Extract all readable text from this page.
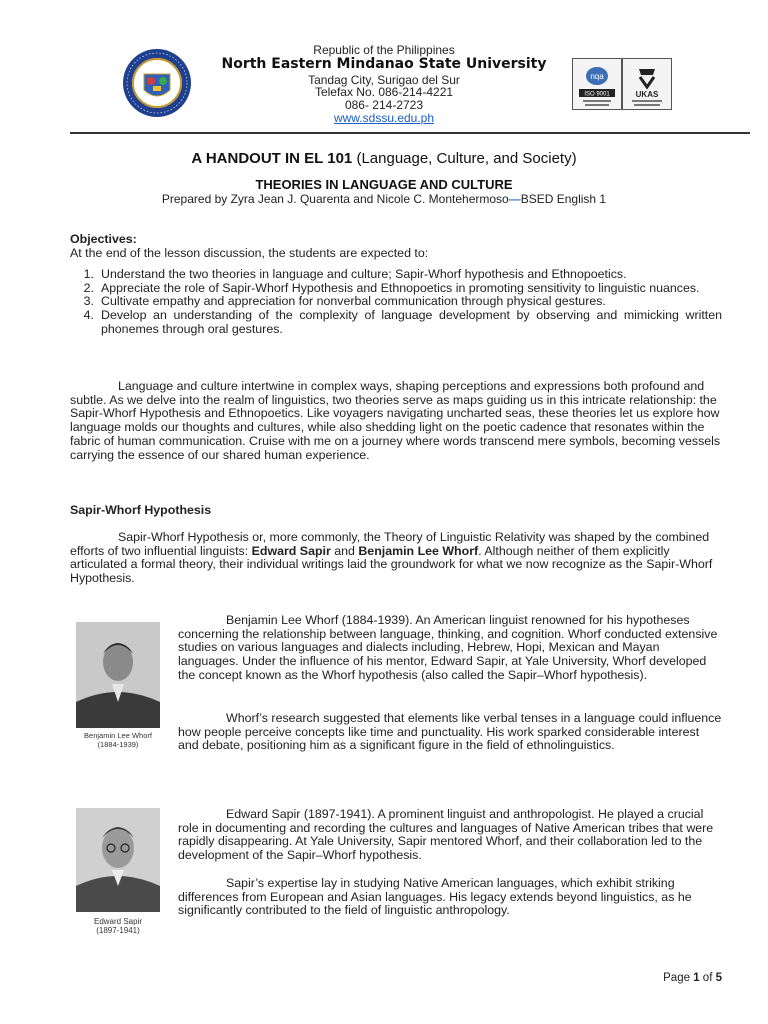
Republic of the Philippines
North Eastern Mindanao State University
Tandag City, Surigao del Sur
Telefax No. 086-214-4221
086- 214-2723
www.sdssu.edu.ph
nqa
ISO 9001	UKAS
A HANDOUT IN EL 101 (Language, Culture, and Society)
THEORIES IN LANGUAGE AND CULTURE
Prepared by Zyra Jean J. Quarenta and Nicole C. Montehermoso—BSED English 1
Objectives:
At the end of the lesson discussion, the students are expected to:
1. Understand the two theories in language and culture; Sapir-Whorf hypothesis and Ethnopoetics.
2. Appreciate the role of Sapir-Whorf Hypothesis and Ethnopoetics in promoting sensitivity to linguistic nuances.
3. Cultivate empathy and appreciation for nonverbal communication through physical gestures.
4. Develop an understanding of the complexity of language development by observing and mimicking written phonemes through oral gestures.
Language and culture intertwine in complex ways, shaping perceptions and expressions both profound and subtle. As we delve into the realm of linguistics, two theories serve as maps guiding us in this intricate relationship: the Sapir-Whorf Hypothesis and Ethnopoetics. Like voyagers navigating uncharted seas, these theories let us explore how language molds our thoughts and cultures, while also shedding light on the poetic cadence that resonates within the fabric of human communication. Cruise with me on a journey where words transcend mere symbols, becoming vessels carrying the essence of our shared human experience.
Sapir-Whorf Hypothesis
Sapir-Whorf Hypothesis or, more commonly, the Theory of Linguistic Relativity was shaped by the combined efforts of two influential linguists: Edward Sapir and Benjamin Lee Whorf. Although neither of them explicitly articulated a formal theory, their individual writings laid the groundwork for what we now recognize as the Sapir-Whorf Hypothesis.
Benjamin Lee Whorf
(1884-1939)
Benjamin Lee Whorf (1884-1939). An American linguist renowned for his hypotheses concerning the relationship between language, thinking, and cognition. Whorf conducted extensive studies on various languages and dialects including, Hebrew, Hopi, Mexican and Mayan languages. Under the influence of his mentor, Edward Sapir, at Yale University, Whorf developed the concept known as the Whorf hypothesis (also called the Sapir–Whorf hypothesis).
Whorf’s research suggested that elements like verbal tenses in a language could influence how people perceive concepts like time and punctuality. His work sparked considerable interest and debate, positioning him as a significant figure in the field of ethnolinguistics.
Edward Sapir
(1897-1941)
Edward Sapir (1897-1941). A prominent linguist and anthropologist. He played a crucial role in documenting and recording the cultures and languages of Native American tribes that were rapidly disappearing. At Yale University, Sapir mentored Whorf, and their collaboration led to the development of the Sapir–Whorf hypothesis.
Sapir’s expertise lay in studying Native American languages, which exhibit striking differences from European and Asian languages. His legacy extends beyond linguistics, as he significantly contributed to the field of linguistic anthropology.
Page 1 of 5
